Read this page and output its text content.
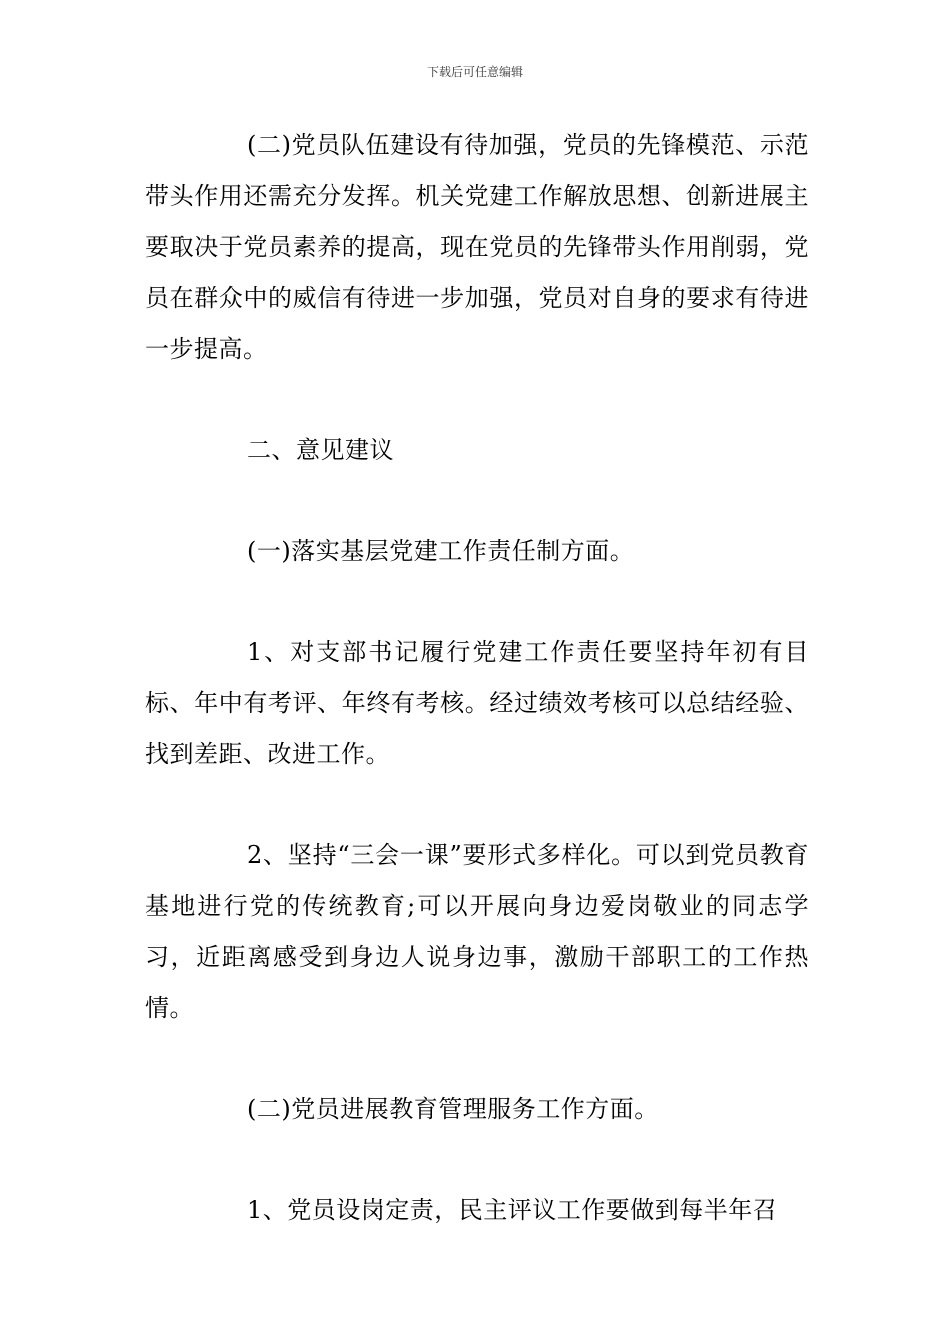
下载后可任意编辑

(二)党员队伍建设有待加强，党员的先锋模范、示范带头作用还需充分发挥。机关党建工作解放思想、创新进展主要取决于党员素养的提高，现在党员的先锋带头作用削弱，党员在群众中的威信有待进一步加强，党员对自身的要求有待进一步提高。

二、意见建议

(一)落实基层党建工作责任制方面。

1、对支部书记履行党建工作责任要坚持年初有目标、年中有考评、年终有考核。经过绩效考核可以总结经验、找到差距、改进工作。

2、坚持“三会一课”要形式多样化。可以到党员教育基地进行党的传统教育;可以开展向身边爱岗敬业的同志学习，近距离感受到身边人说身边事，激励干部职工的工作热情。

(二)党员进展教育管理服务工作方面。

1、党员设岗定责，民主评议工作要做到每半年召
